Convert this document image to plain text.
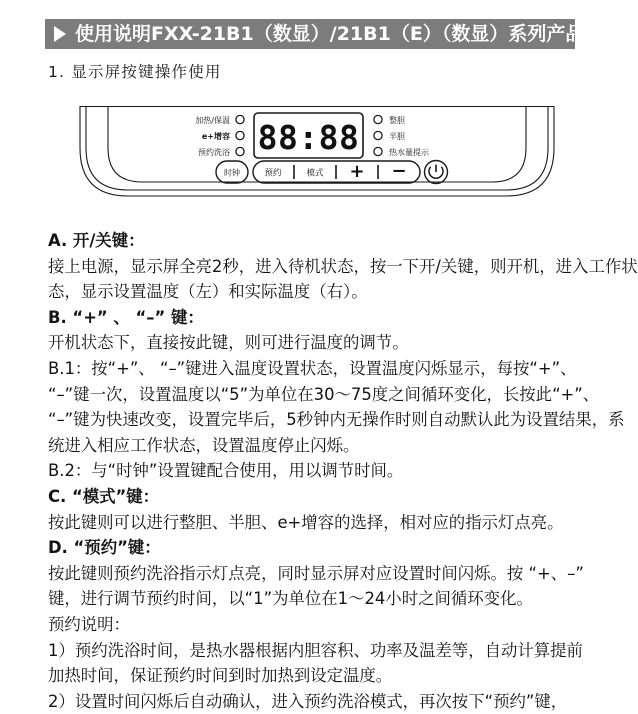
使用说明FXX-21B1（数显）/21B1（E）（数显）系列产品
1. 显示屏按键操作使用
88:88
加热/保温
e+增容
预约洗浴
整胆
半胆
热水量提示
时钟	预约	模式 + −

A. 开/关键：

接上电源，显示屏全亮2秒，进入待机状态，按一下开/关键，则开机，进入工作状

态，显示设置温度（左）和实际温度（右）。

B. “+” 、 “–” 键：

开机状态下，直接按此键，则可进行温度的调节。

B.1：按“+”、 “–”键进入温度设置状态，设置温度闪烁显示，每按“+”、

“–”键一次，设置温度以“5”为单位在30～75度之间循环变化，长按此“+”、

“–”键为快速改变，设置完毕后，5秒钟内无操作时则自动默认此为设置结果，系

统进入相应工作状态，设置温度停止闪烁。

B.2：与“时钟”设置键配合使用，用以调节时间。

C. “模式”键：

按此键则可以进行整胆、半胆、e+增容的选择，相对应的指示灯点亮。

D. “预约”键：

按此键则预约洗浴指示灯点亮，同时显示屏对应设置时间闪烁。按 “+、–”

键，进行调节预约时间，以“1”为单位在1～24小时之间循环变化。

预约说明：

1）预约洗浴时间，是热水器根据内胆容积、功率及温差等，自动计算提前

加热时间，保证预约时间到时加热到设定温度。

2）设置时间闪烁后自动确认，进入预约洗浴模式，再次按下“预约”键，
